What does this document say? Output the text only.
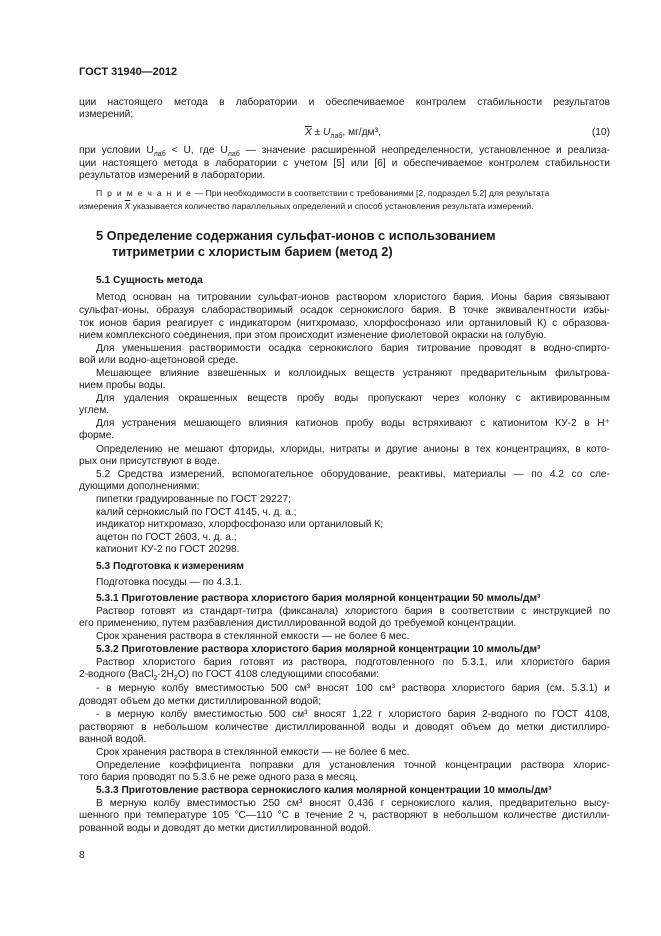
ГОСТ 31940—2012
ции настоящего метода в лаборатории и обеспечиваемое контролем стабильности результатов
измерений;
$\overline{X} \pm U_{лаб}$, мг/дм³,	(10)
при условии $U_{лаб} < U$, где $U_{лаб}$ — значение расширенной неопределенности, установленное и реализа-
ции настоящего метода в лаборатории с учетом [5] или [6] и обеспечиваемое контролем стабильности
результатов измерений в лаборатории.
П р и м е ч а н и е — При необходимости в соответствии с требованиями [2, подраздел 5.2] для результата
измерения $\overline{X}$ указывается количество параллельных определений и способ установления результата измерений.
5 Определение содержания сульфат-ионов с использованием
титриметрии с хлористым барием (метод 2)
5.1 Сущность метода
Метод основан на титровании сульфат-ионов раствором хлористого бария. Ионы бария связывают
сульфат-ионы, образуя слаборастворимый осадок сернокислого бария. В точке эквивалентности избы-
ток ионов бария реагирует с индикатором (нитхромазо, хлорфосфоназо или ортаниловый К) с образова-
нием комплексного соединения, при этом происходит изменение фиолетовой окраски на голубую.
Для уменьшения растворимости осадка сернокислого бария титрование проводят в водно-спирто-
вой или водно-ацетоновой среде.
Мешающее влияние взвешенных и коллоидных веществ устраняют предварительным фильтрова-
нием пробы воды.
Для удаления окрашенных веществ пробу воды пропускают через колонку с активированным
углем.
Для устранения мешающего влияния катионов пробу воды встряхивают с катионитом КУ-2 в Н⁺
форме.
Определению не мешают фториды, хлориды, нитраты и другие анионы в тех концентрациях, в кото-
рых они присутствуют в воде.
5.2 Средства измерений, вспомогательное оборудование, реактивы, материалы — по 4.2 со сле-
дующими дополнениями:
пипетки градуированные по ГОСТ 29227;
калий сернокислый по ГОСТ 4145, ч. д. а.;
индикатор нитхромазо, хлорфосфоназо или ортаниловый К;
ацетон по ГОСТ 2603, ч. д. а.;
катионит КУ-2 по ГОСТ 20298.
5.3 Подготовка к измерениям
Подготовка посуды — по 4.3.1.
5.3.1 Приготовление раствора хлористого бария молярной концентрации 50 ммоль/дм³
Раствор готовят из стандарт-титра (фиксанала) хлористого бария в соответствии с инструкцией по
его применению, путем разбавления дистиллированной водой до требуемой концентрации.
Срок хранения раствора в стеклянной емкости — не более 6 мес.
5.3.2 Приготовление раствора хлористого бария молярной концентрации 10 ммоль/дм³
Раствор хлористого бария готовят из раствора, подготовленного по 5.3.1, или хлористого бария
2-водного $(BaCl_2\cdot 2H_2O)$ по ГОСТ 4108 следующими способами:
- в мерную колбу вместимостью 500 см³ вносят 100 см³ раствора хлористого бария (см. 5.3.1) и
доводят объем до метки дистиллированной водой;
- в мерную колбу вместимостью 500 см³ вносят 1,22 г хлористого бария 2-водного по ГОСТ 4108,
растворяют в небольшом количестве дистиллированной воды и доводят объем до метки дистиллиро-
ванной водой.
Срок хранения раствора в стеклянной емкости — не более 6 мес.
Определение коэффициента поправки для установления точной концентрации раствора хлорис-
того бария проводят по 5.3.6 не реже одного раза в месяц.
5.3.3 Приготовление раствора сернокислого калия молярной концентрации 10 ммоль/дм³
В мерную колбу вместимостью 250 см³ вносят 0,436 г сернокислого калия, предварительно высу-
шенного при температуре 105 °С—110 °С в течение 2 ч, растворяют в небольшом количестве дистилли-
рованной воды и доводят до метки дистиллированной водой.
8
